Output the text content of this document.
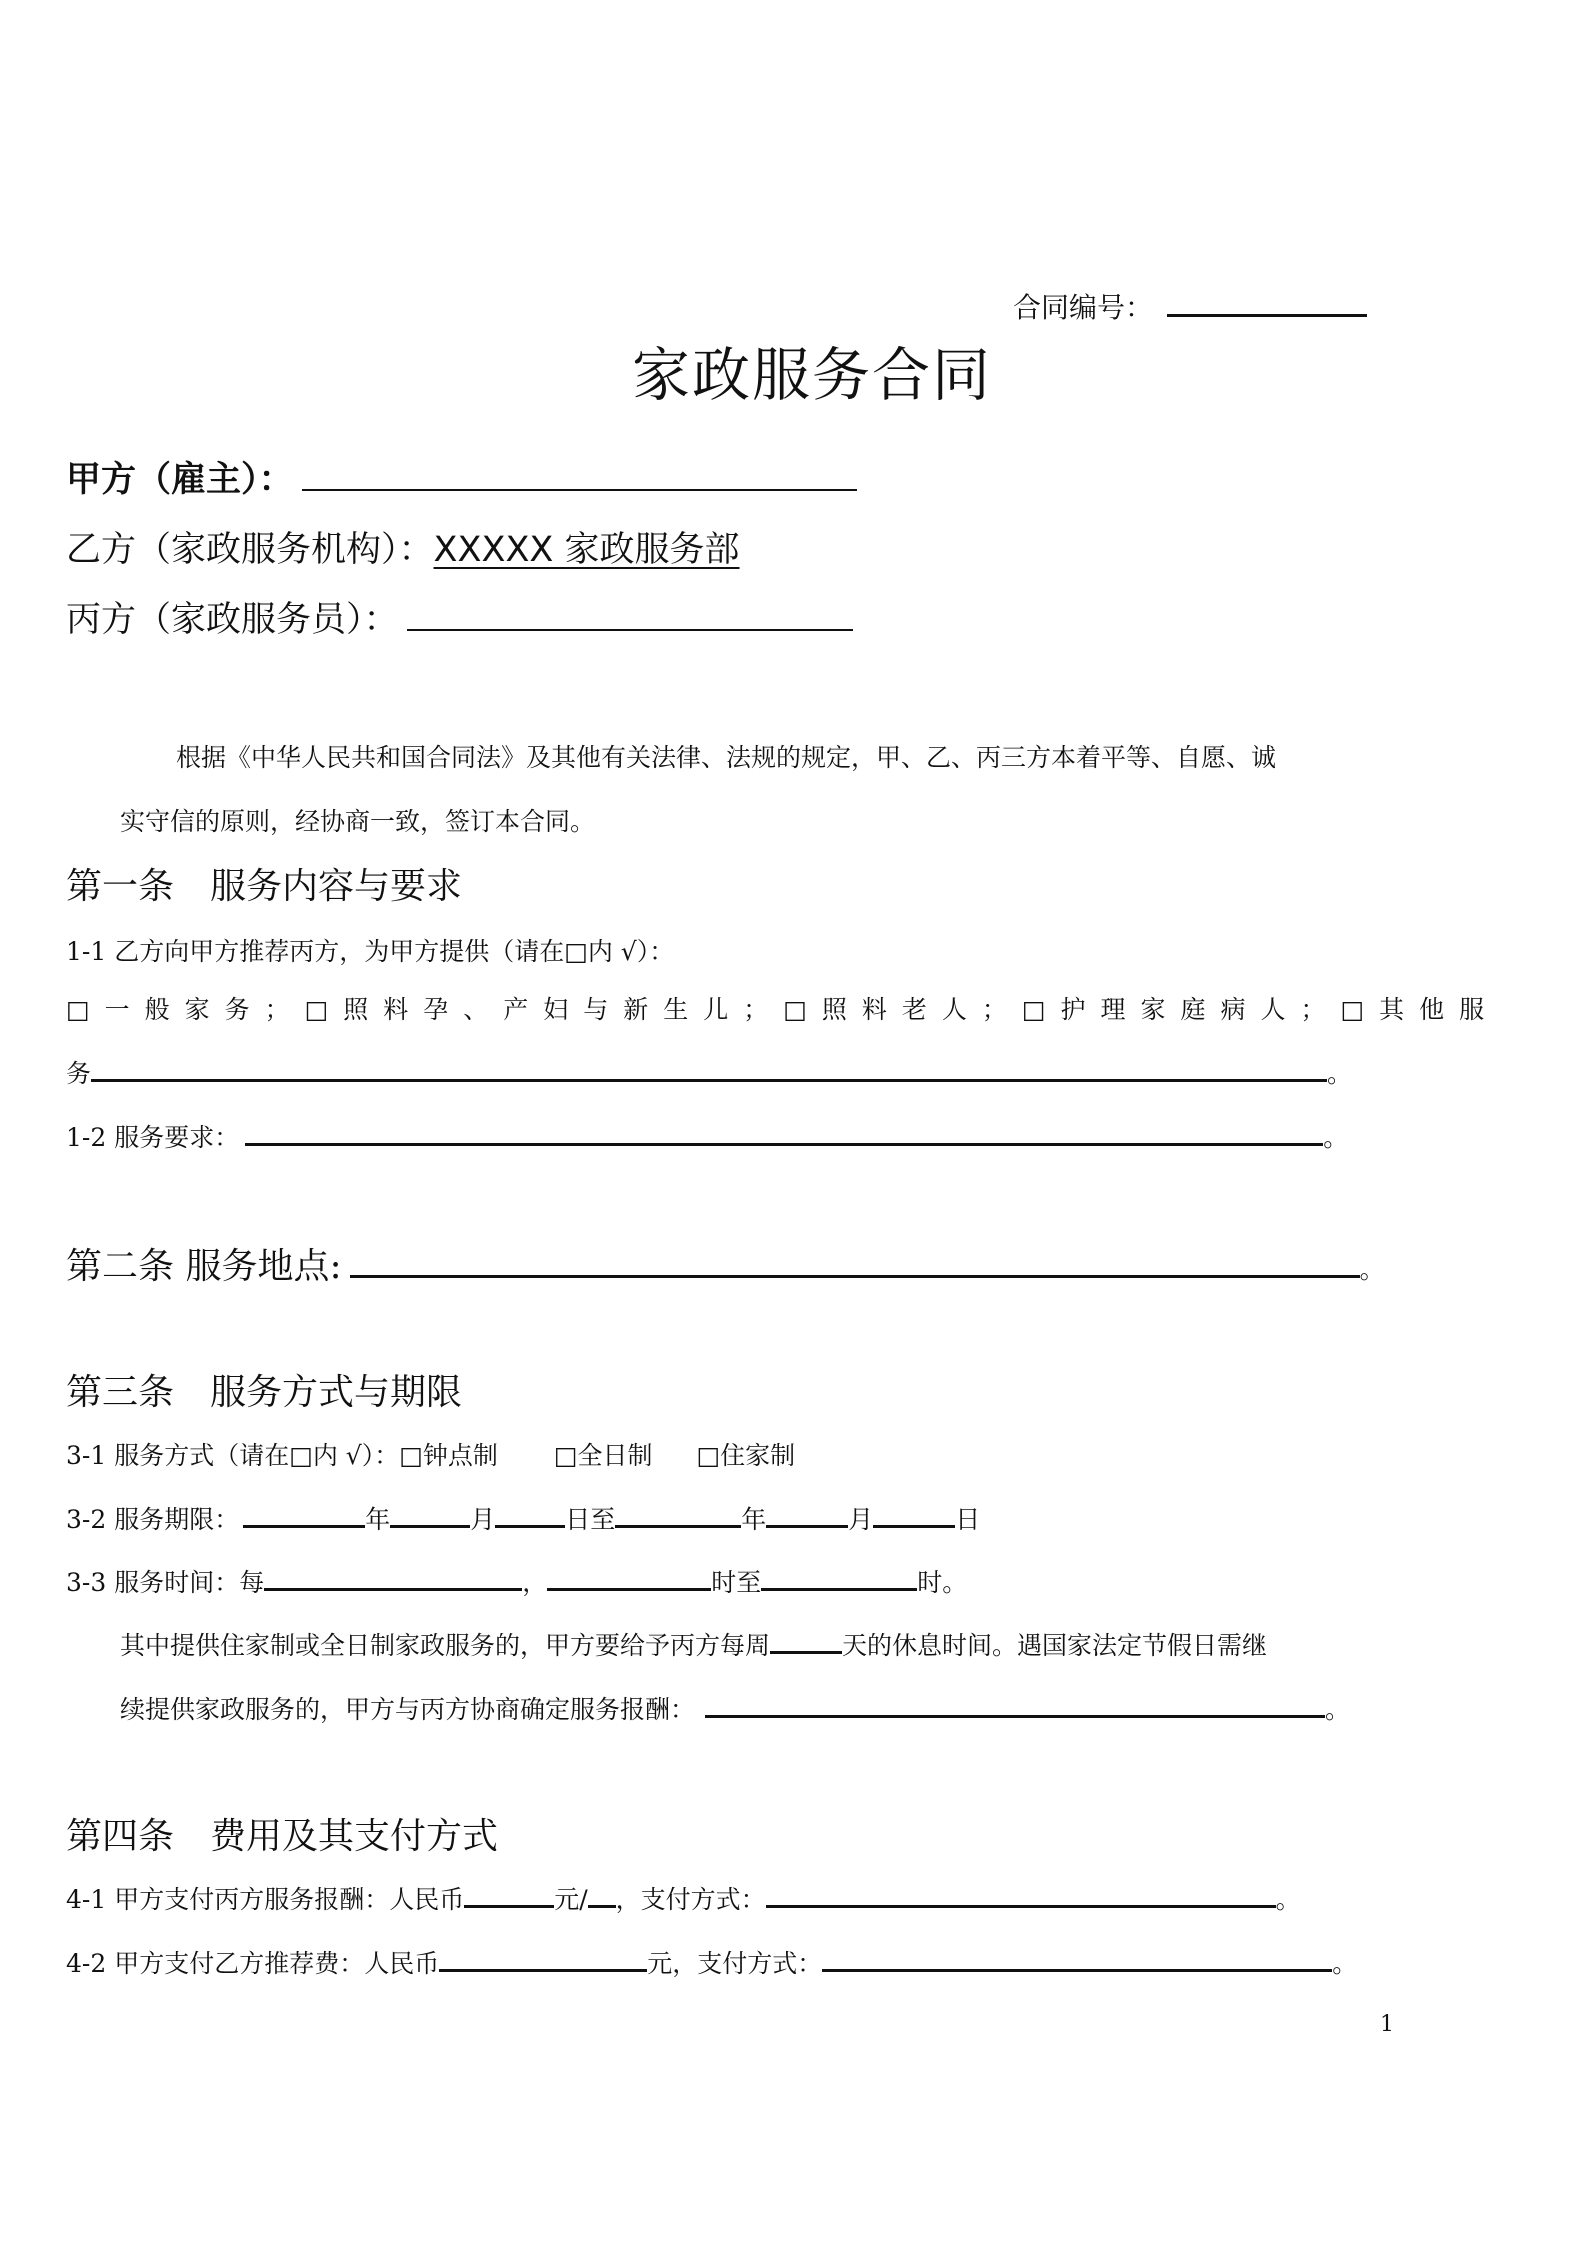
合同编号：
家政服务合同
甲方（雇主）：
乙方（家政服务机构）：XXXXX 家政服务部
丙方（家政服务员）：
根据《中华人民共和国合同法》及其他有关法律、法规的规定，甲、乙、丙三方本着平等、自愿、诚
实守信的原则，经协商一致，签订本合同。
第一条　服务内容与要求
1-1 乙方向甲方推荐丙方，为甲方提供（请在□内 √）：
□一般家务；□照料孕、产妇与新生儿；□照料老人；□护理家庭病人；□其他服
务	。
1-2 服务要求：	。
第二条 服务地点:	。
第三条　服务方式与期限
3-1 服务方式（请在□内 √）：□钟点制 □全日制 □住家制
3-2 服务期限：	年	月	日至	年	月	日
3-3 服务时间：每	，	时至	时。
其中提供住家制或全日制家政服务的，甲方要给予丙方每周	天的休息时间。遇国家法定节假日需继
续提供家政服务的，甲方与丙方协商确定服务报酬：	。
第四条　费用及其支付方式
4-1 甲方支付丙方服务报酬：人民币	元/ ，支付方式：	。
4-2 甲方支付乙方推荐费：人民币	元，支付方式：	。
1
